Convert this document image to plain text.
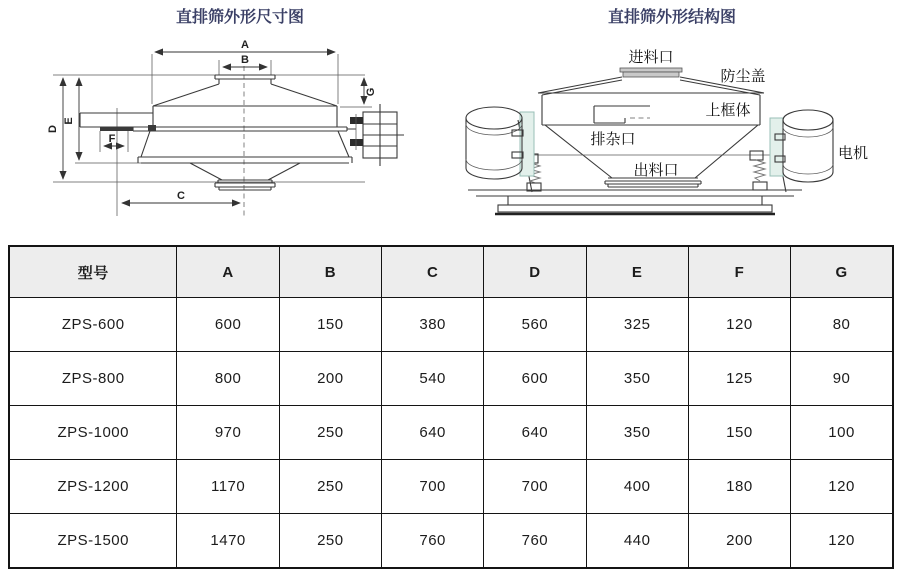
直排筛外形尺寸图
A
B
C
D
E
F
G
直排筛外形结构图
进料口
防尘盖
上框体
排杂口
出料口
电机
型号	A	B	C	D	E	F	G
ZPS-600	600	150	380	560	325	120	80
ZPS-800	800	200	540	600	350	125	90
ZPS-1000	970	250	640	640	350	150	100
ZPS-1200	1170	250	700	700	400	180	120
ZPS-1500	1470	250	760	760	440	200	120
